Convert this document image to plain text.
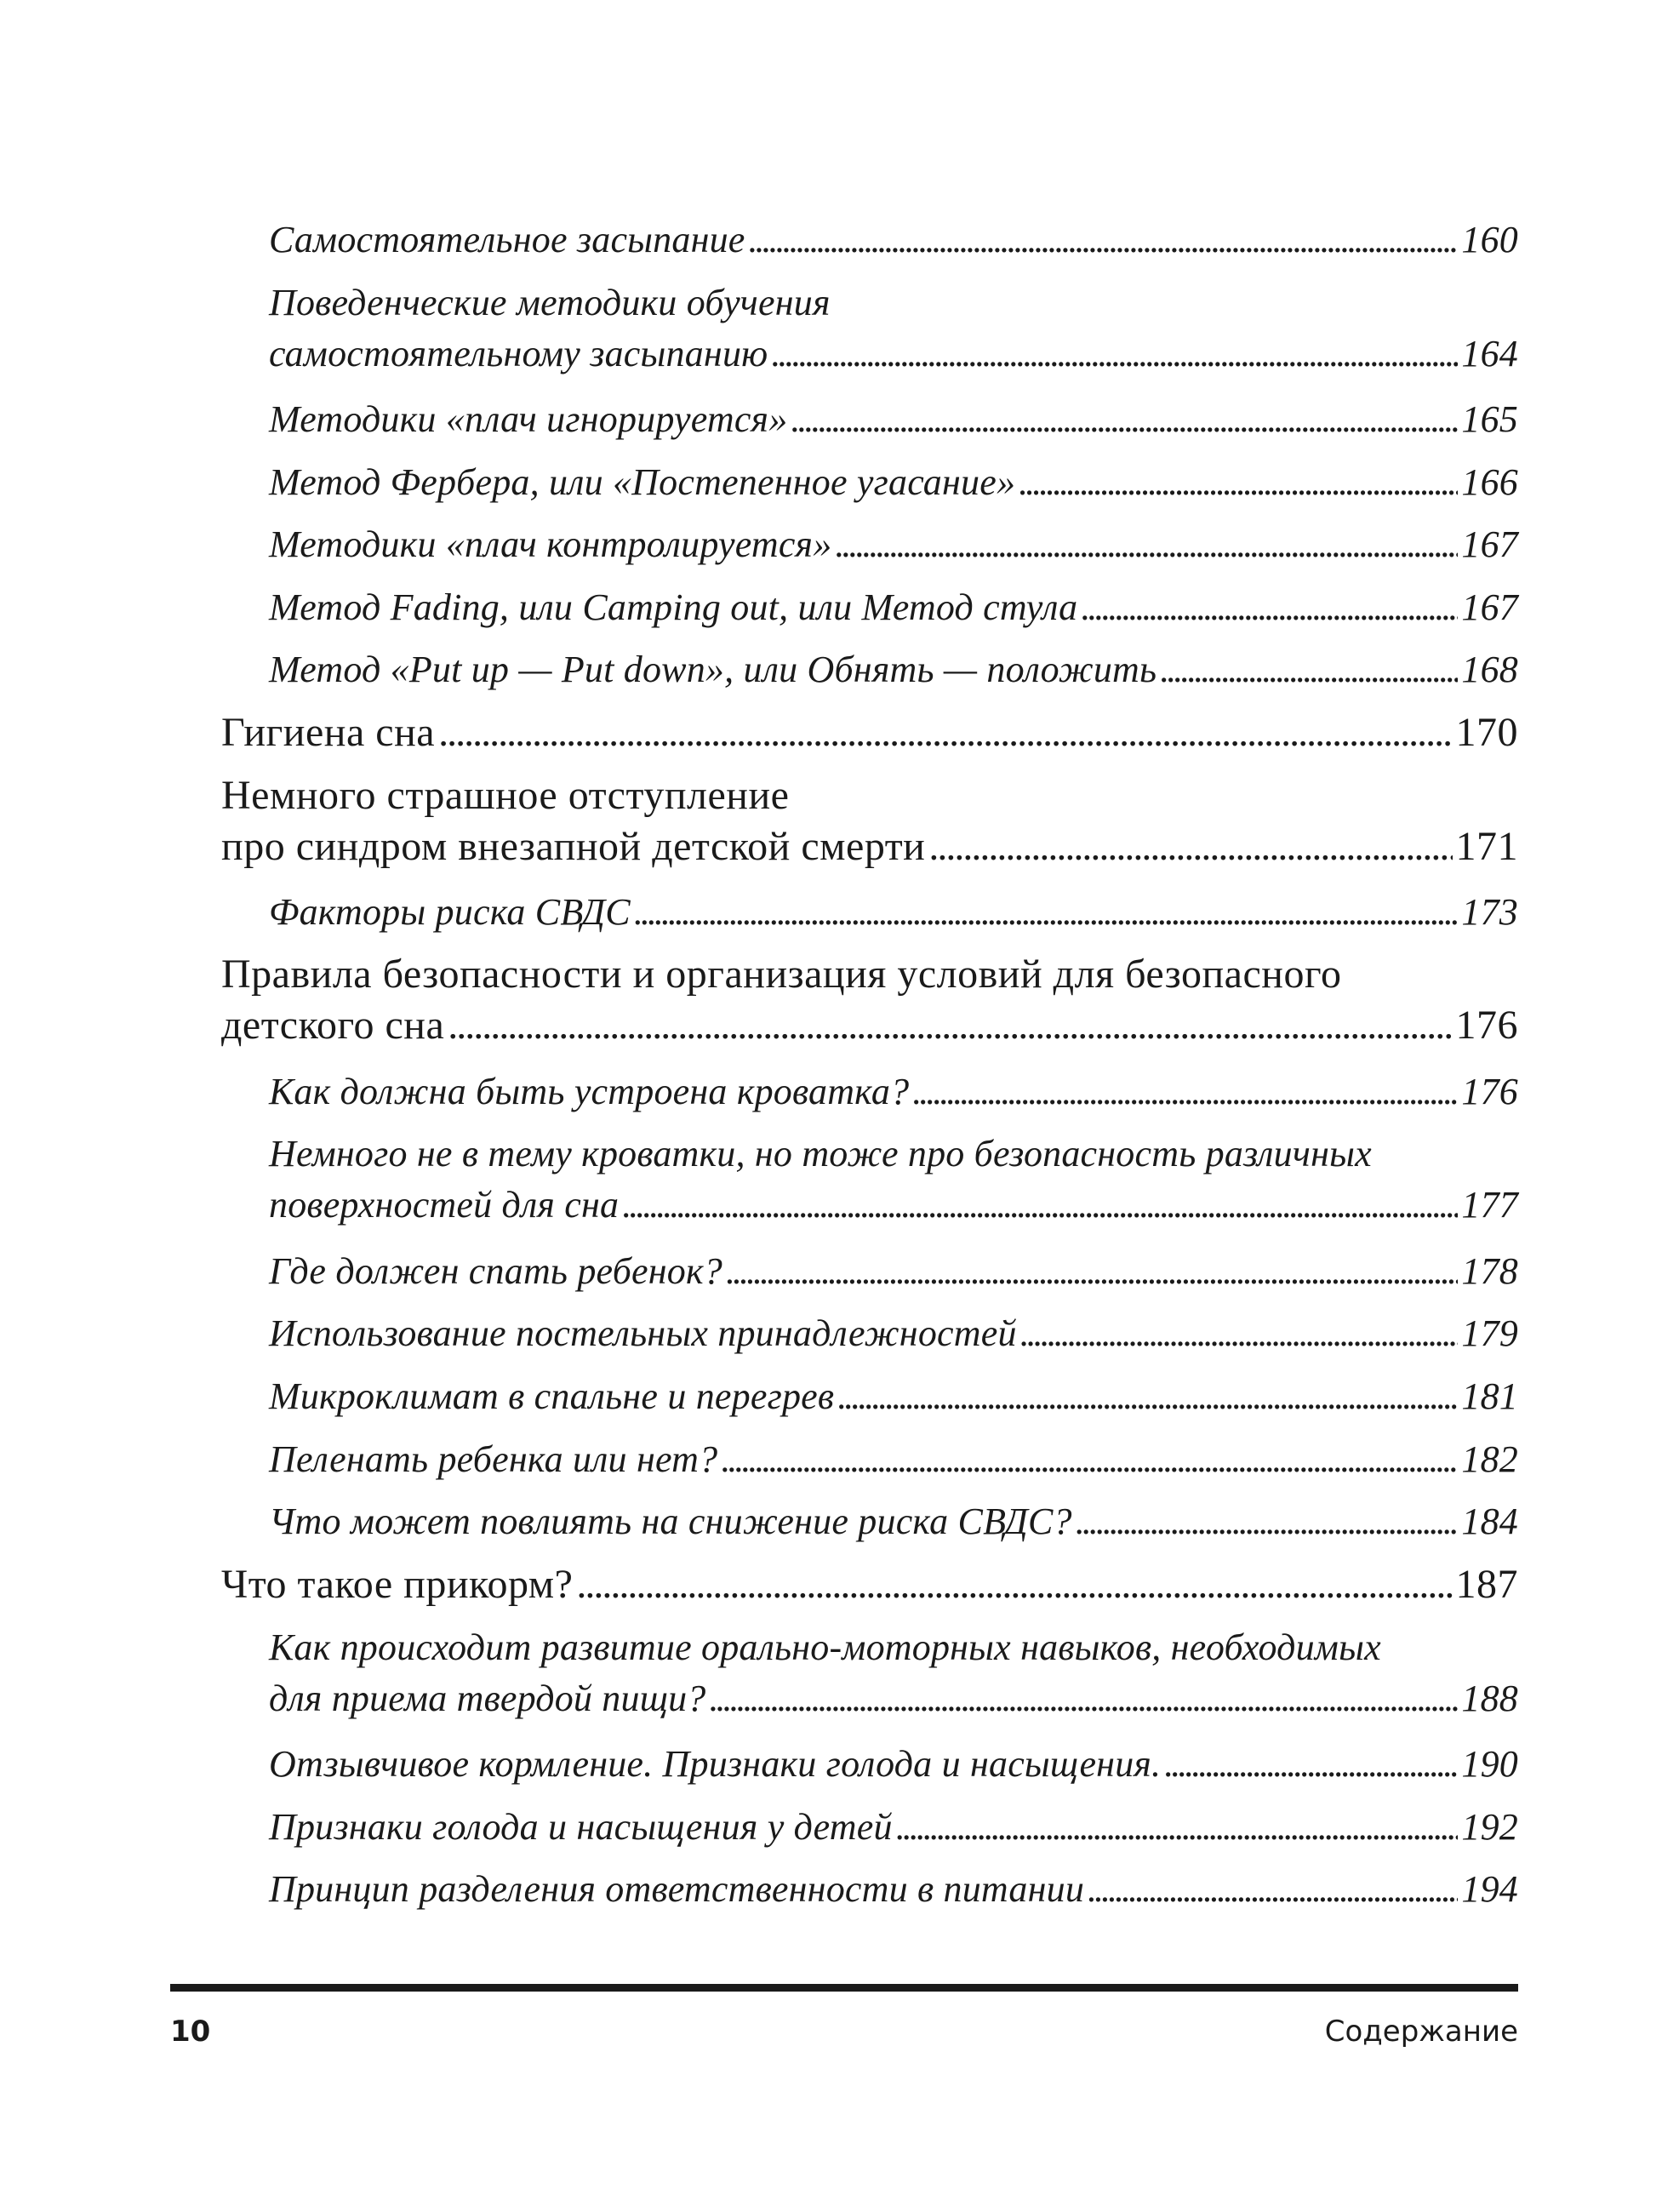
Самостоятельное засыпание . . .	160
Поведенческие методики обучения
самостоятельному засыпанию . . .	164
Методики «плач игнорируется» . . .	165
Метод Фербера, или «Постепенное угасание» . . .	166
Методики «плач контролируется» . . .	167
Метод Fading, или Camping out, или Метод стула . . .	167
Метод «Put up — Put down», или Обнять — положить . . .	168
Гигиена сна . . .	170
Немного страшное отступление
про синдром внезапной детской смерти . . .	171
Факторы риска СВДС . . .	173
Правила безопасности и организация условий для безопасного
детского сна . . .	176
Как должна быть устроена кроватка? . . .	176
Немного не в тему кроватки, но тоже про безопасность различных
поверхностей для сна . . .	177
Где должен спать ребенок? . . .	178
Использование постельных принадлежностей . . .	179
Микроклимат в спальне и перегрев . . .	181
Пеленать ребенка или нет? . . .	182
Что может повлиять на снижение риска СВДС? . . .	184
Что такое прикорм? . . .	187
Как происходит развитие орально-моторных навыков, необходимых
для приема твердой пищи? . . .	188
Отзывчивое кормление. Признаки голода и насыщения. . . .	190
Признаки голода и насыщения у детей . . .	192
Принцип разделения ответственности в питании . . .	194
10	Содержание
